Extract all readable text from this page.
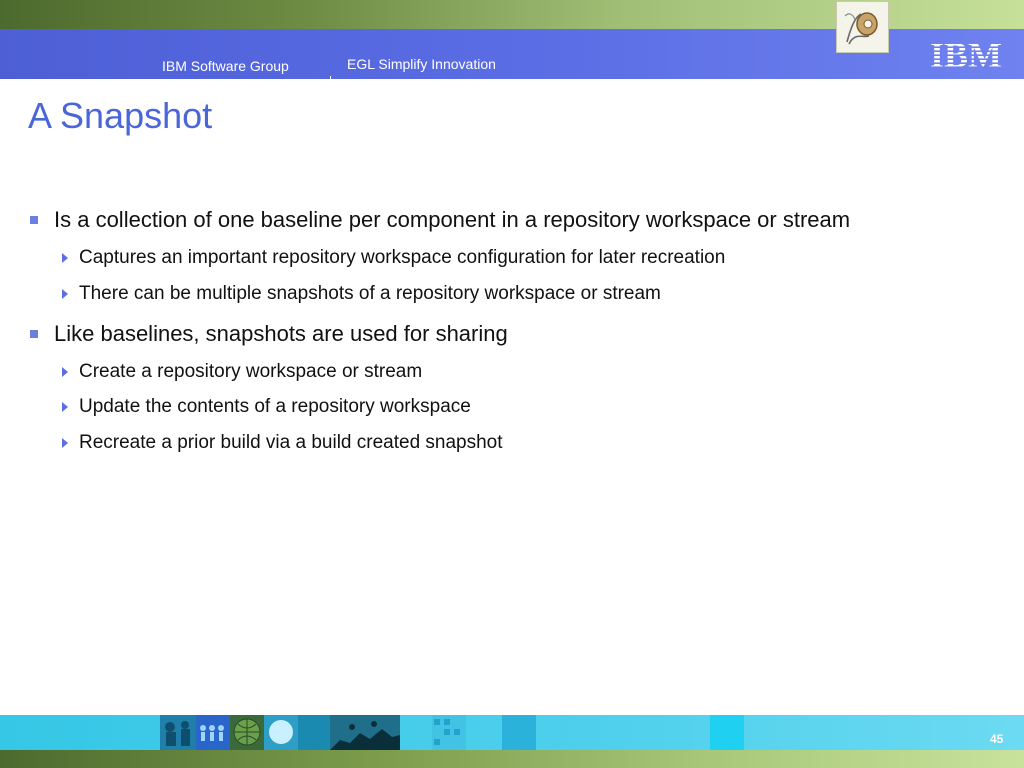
IBM Software Group	EGL Simplify Innovation
A Snapshot
Is a collection of one baseline per component in a repository workspace or stream
Captures an important repository workspace configuration for later recreation
There can be multiple snapshots of a repository workspace or stream
Like baselines, snapshots are used for sharing
Create a repository workspace or stream
Update the contents of a repository workspace
Recreate a prior build via a build created snapshot
45
